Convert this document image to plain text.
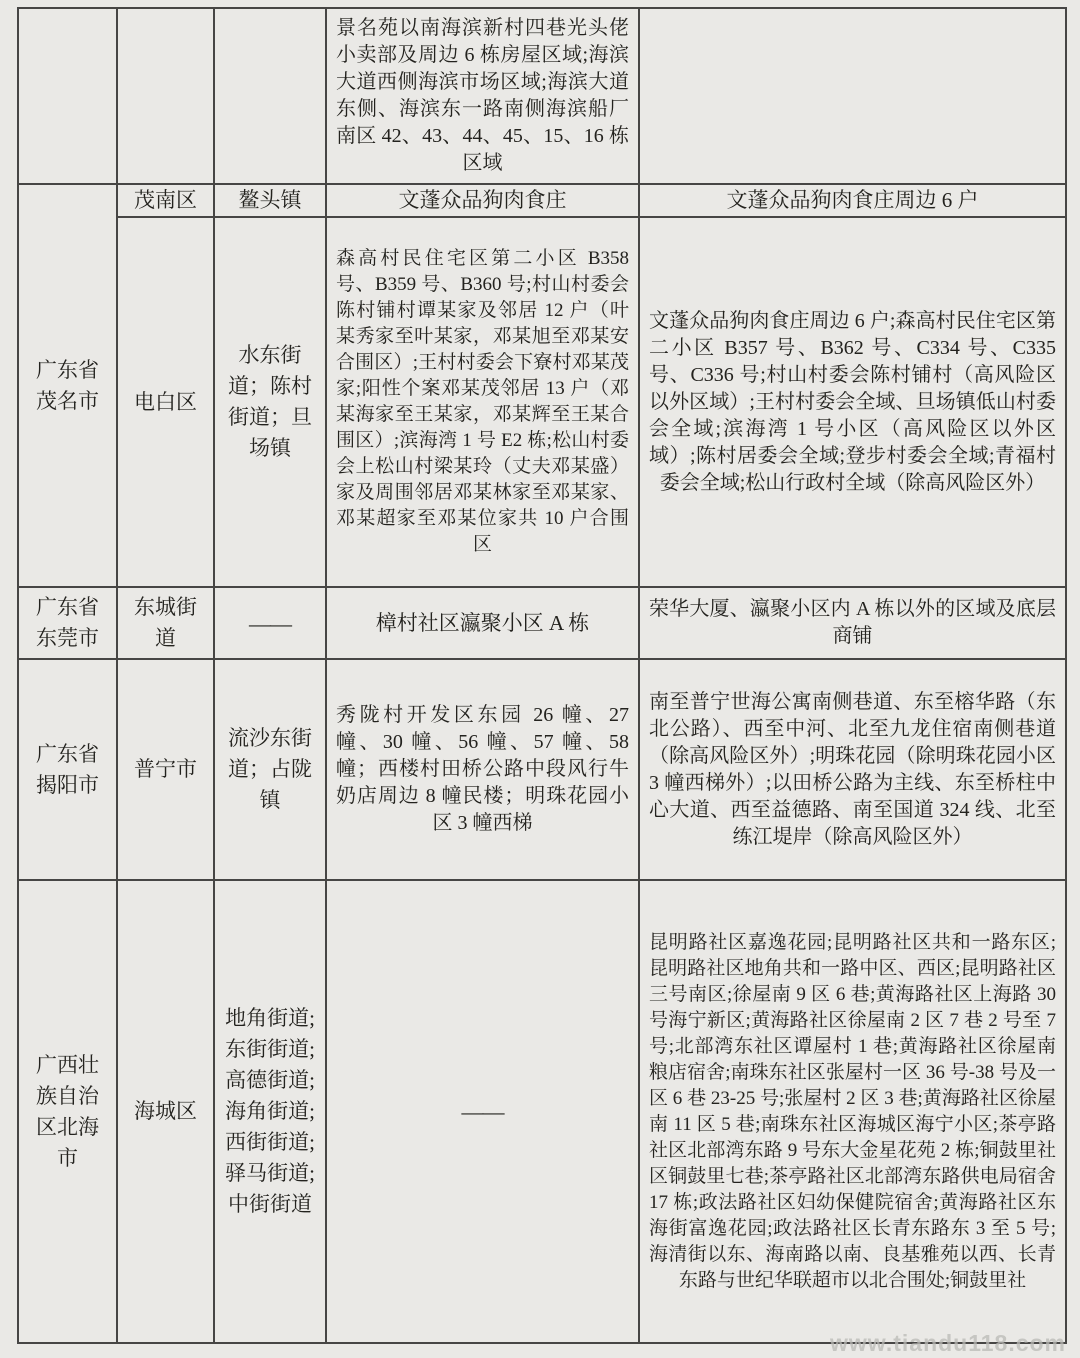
			景名苑以南海滨新村四巷光头佬小卖部及周边 6 栋房屋区域;海滨大道西侧海滨市场区域;海滨大道东侧、海滨东一路南侧海滨船厂南区 42、43、44、45、15、16 栋区域	
广东省茂名市	茂南区	鳌头镇	文蓬众品狗肉食庄	文蓬众品狗肉食庄周边 6 户
	电白区	水东街道；陈村街道；旦场镇	森高村民住宅区第二小区 B358 号、B359 号、B360 号;村山村委会陈村铺村谭某家及邻居 12 户（叶某秀家至叶某家，邓某旭至邓某安合围区）;王村村委会下寮村邓某茂家;阳性个案邓某茂邻居 13 户（邓某海家至王某家，邓某辉至王某合围区）;滨海湾 1 号 E2 栋;松山村委会上松山村梁某玲（丈夫邓某盛）家及周围邻居邓某林家至邓某家、邓某超家至邓某位家共 10 户合围区	文蓬众品狗肉食庄周边 6 户;森高村民住宅区第二小区 B357 号、B362 号、C334 号、C335 号、C336 号;村山村委会陈村铺村（高风险区以外区域）;王村村委会全域、旦场镇低山村委会全域;滨海湾 1 号小区（高风险区以外区域）;陈村居委会全域;登步村委会全域;青福村委会全域;松山行政村全域（除高风险区外）
广东省东莞市	东城街道	——	樟村社区瀛聚小区 A 栋	荣华大厦、瀛聚小区内 A 栋以外的区域及底层商铺
广东省揭阳市	普宁市	流沙东街道；占陇镇	秀陇村开发区东园 26 幢、27 幢、30 幢、56 幢、57 幢、58 幢；西楼村田桥公路中段风行牛奶店周边 8 幢民楼；明珠花园小区 3 幢西梯	南至普宁世海公寓南侧巷道、东至榕华路（东北公路）、西至中河、北至九龙住宿南侧巷道（除高风险区外）;明珠花园（除明珠花园小区 3 幢西梯外）;以田桥公路为主线、东至桥柱中心大道、西至益德路、南至国道 324 线、北至练江堤岸（除高风险区外）
广西壮族自治区北海市	海城区	地角街道;东街街道;高德街道;海角街道;西街街道;驿马街道;中街街道	——	昆明路社区嘉逸花园;昆明路社区共和一路东区;昆明路社区地角共和一路中区、西区;昆明路社区三号南区;徐屋南 9 区 6 巷;黄海路社区上海路 30 号海宁新区;黄海路社区徐屋南 2 区 7 巷 2 号至 7 号;北部湾东社区谭屋村 1 巷;黄海路社区徐屋南粮店宿舍;南珠东社区张屋村一区 36 号-38 号及一区 6 巷 23-25 号;张屋村 2 区 3 巷;黄海路社区徐屋南 11 区 5 巷;南珠东社区海城区海宁小区;茶亭路社区北部湾东路 9 号东大金星花苑 2 栋;铜鼓里社区铜鼓里七巷;茶亭路社区北部湾东路供电局宿舍 17 栋;政法路社区妇幼保健院宿舍;黄海路社区东海街富逸花园;政法路社区长青东路东 3 至 5 号;海清街以东、海南路以南、良基雅苑以西、长青东路与世纪华联超市以北合围处;铜鼓里社
www.tiandu118.com
